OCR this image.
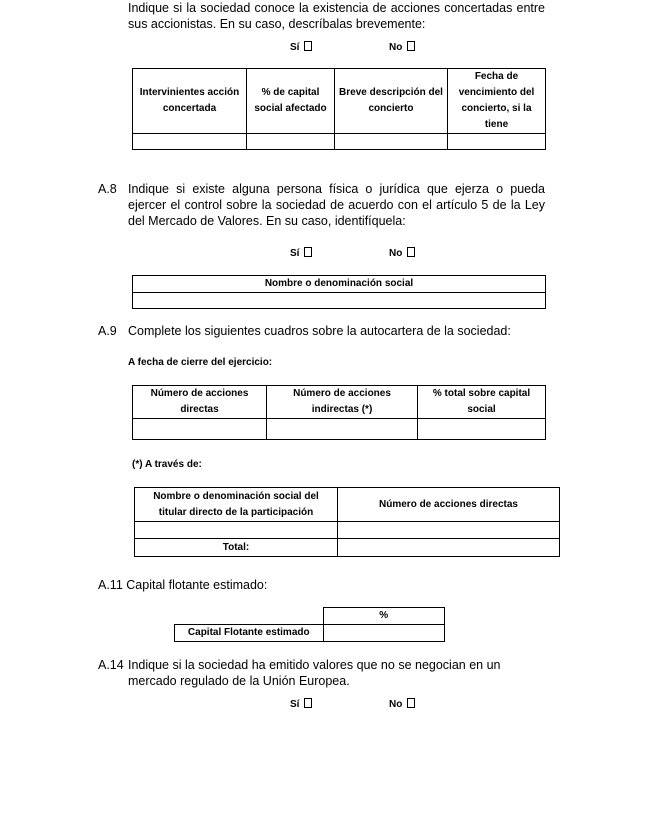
Indique si la sociedad conoce la existencia de acciones concertadas entre sus accionistas. En su caso, descríbalas brevemente:
Sí	No
Intervinientes acción concertada	% de capital social afectado	Breve descripción del concierto	Fecha de vencimiento del concierto, si la tiene

A.8 Indique si existe alguna persona física o jurídica que ejerza o pueda ejercer el control sobre la sociedad de acuerdo con el artículo 5 de la Ley del Mercado de Valores. En su caso, identifíquela:
Sí	No
Nombre o denominación social

A.9 Complete los siguientes cuadros sobre la autocartera de la sociedad:
A fecha de cierre del ejercicio:
Número de acciones directas	Número de acciones indirectas (*)	% total sobre capital social

(*) A través de:
Nombre o denominación social del titular directo de la participación	Número de acciones directas

Total:	
A.11 Capital flotante estimado:
	%
Capital Flotante estimado	
A.14 Indique si la sociedad ha emitido valores que no se negocian en un mercado regulado de la Unión Europea.
Sí	No
